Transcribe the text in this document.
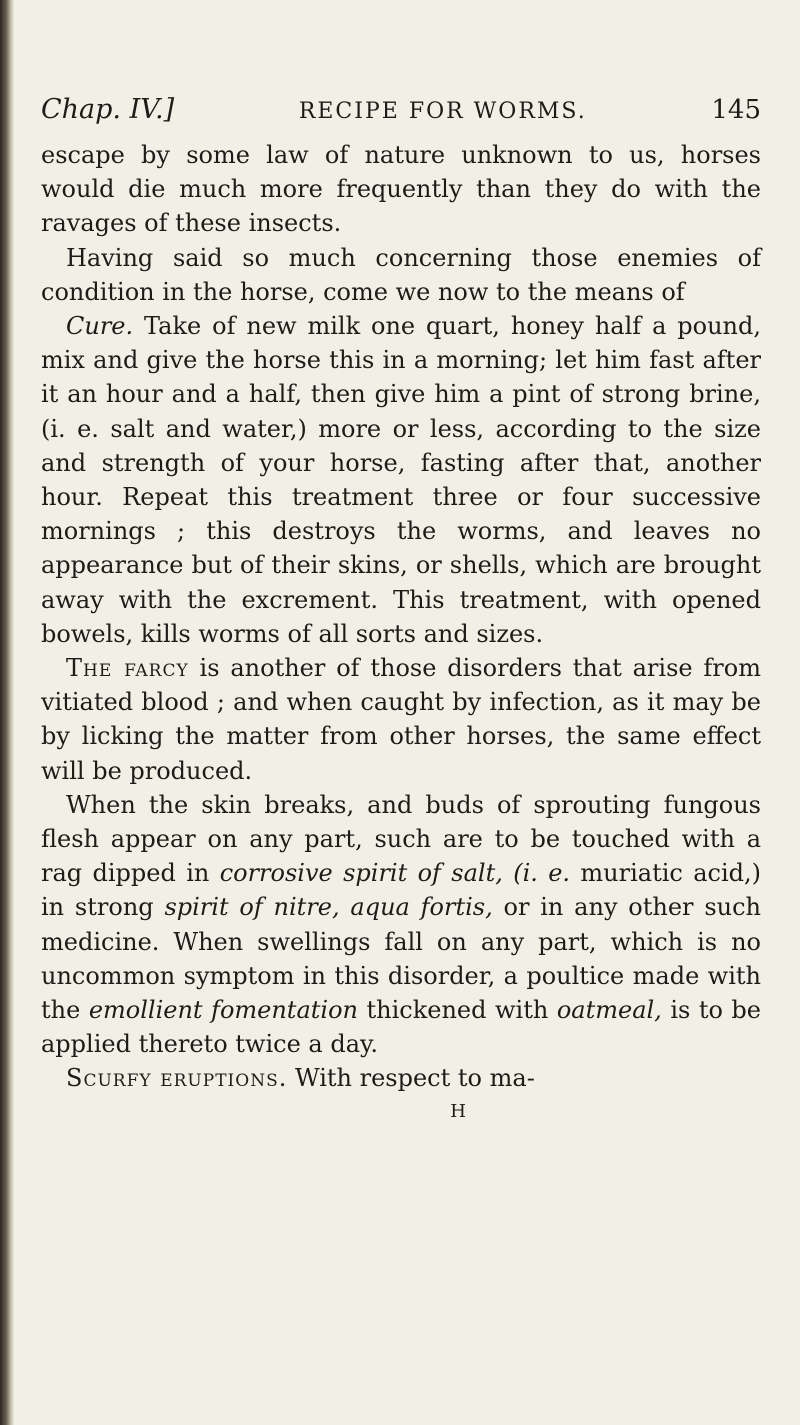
Chap. IV.]	RECIPE FOR WORMS.	145

escape by some law of nature unknown to us, horses would die much more frequently than they do with the ravages of these insects.

Having said so much concerning those enemies of condition in the horse, come we now to the means of

Cure. Take of new milk one quart, honey half a pound, mix and give the horse this in a morning; let him fast after it an hour and a half, then give him a pint of strong brine, (i. e. salt and water,) more or less, according to the size and strength of your horse, fasting after that, another hour. Repeat this treatment three or four successive mornings ; this destroys the worms, and leaves no appearance but of their skins, or shells, which are brought away with the excrement. This treatment, with opened bowels, kills worms of all sorts and sizes.

The farcy is another of those disorders that arise from vitiated blood ; and when caught by infection, as it may be by licking the matter from other horses, the same effect will be produced.

When the skin breaks, and buds of sprouting fungous flesh appear on any part, such are to be touched with a rag dipped in corrosive spirit of salt, (i. e. muriatic acid,) in strong spirit of nitre, aqua fortis, or in any other such medicine. When swellings fall on any part, which is no uncommon symptom in this disorder, a poultice made with the emollient fomentation thickened with oatmeal, is to be applied thereto twice a day.

Scurfy eruptions. With respect to ma-

H
